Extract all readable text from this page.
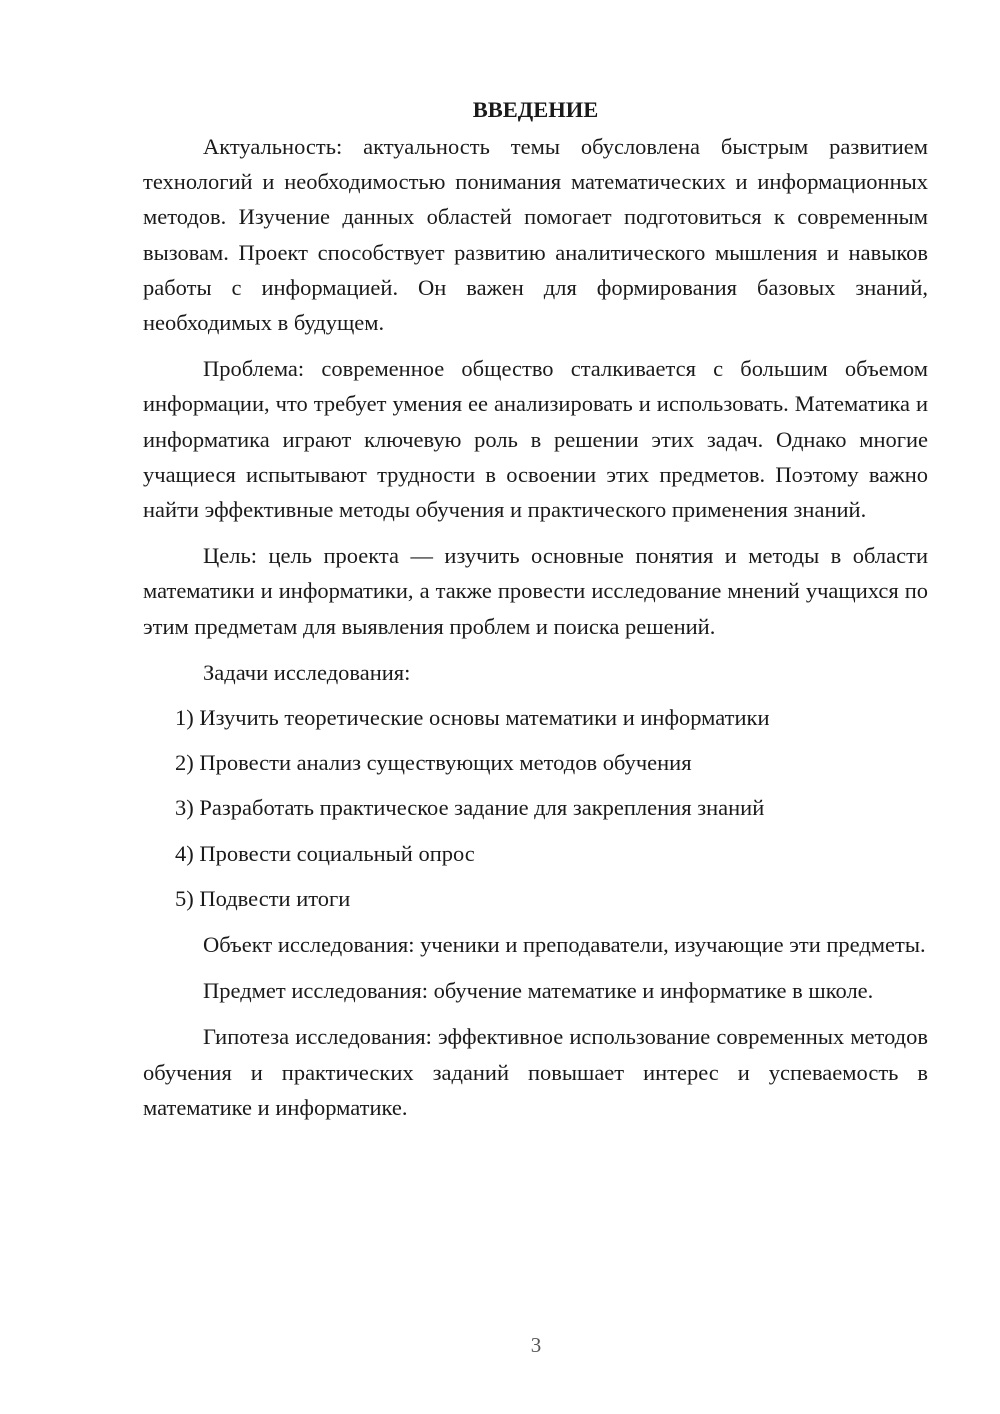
ВВЕДЕНИЕ

Актуальность: актуальность темы обусловлена быстрым развитием технологий и необходимостью понимания математических и информационных методов. Изучение данных областей помогает подготовиться к современным вызовам. Проект способствует развитию аналитического мышления и навыков работы с информацией. Он важен для формирования базовых знаний, необходимых в будущем.

Проблема: современное общество сталкивается с большим объемом информации, что требует умения ее анализировать и использовать. Математика и информатика играют ключевую роль в решении этих задач. Однако многие учащиеся испытывают трудности в освоении этих предметов. Поэтому важно найти эффективные методы обучения и практического применения знаний.

Цель: цель проекта — изучить основные понятия и методы в области математики и информатики, а также провести исследование мнений учащихся по этим предметам для выявления проблем и поиска решений.

Задачи исследования:
1) Изучить теоретические основы математики и информатики
2) Провести анализ существующих методов обучения
3) Разработать практическое задание для закрепления знаний
4) Провести социальный опрос
5) Подвести итоги

Объект исследования: ученики и преподаватели, изучающие эти предметы.

Предмет исследования: обучение математике и информатике в школе.

Гипотеза исследования: эффективное использование современных методов обучения и практических заданий повышает интерес и успеваемость в математике и информатике.

3
